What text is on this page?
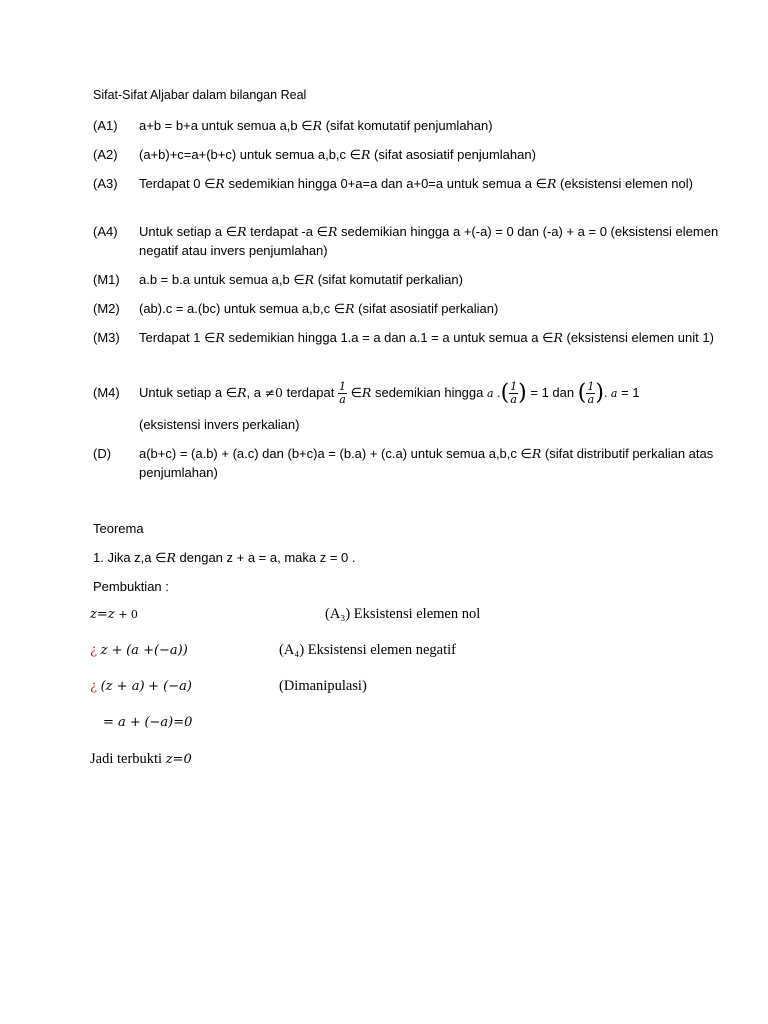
Sifat-Sifat Aljabar dalam bilangan Real
(A1)	a+b = b+a untuk semua a,b ∈R (sifat komutatif penjumlahan)
(A2)	(a+b)+c=a+(b+c) untuk semua a,b,c ∈R (sifat asosiatif penjumlahan)
(A3)	Terdapat 0 ∈R sedemikian hingga 0+a=a dan a+0=a untuk semua a ∈R (eksistensi elemen nol)
(A4)	Untuk setiap a ∈R terdapat -a ∈R sedemikian hingga a +(-a) = 0 dan (-a) + a = 0 (eksistensi elemen negatif atau invers penjumlahan)
(M1)	a.b = b.a untuk semua a,b ∈R (sifat komutatif perkalian)
(M2)	(ab).c = a.(bc) untuk semua a,b,c ∈R (sifat asosiatif perkalian)
(M3)	Terdapat 1 ∈R sedemikian hingga 1.a = a dan a.1 = a untuk semua a ∈R (eksistensi elemen unit 1)
(M4)	Untuk setiap a ∈R, a ≠0 terdapat $\frac{1}{a}$ ∈R sedemikian hingga a .( $\frac{1}{a}$ ) = 1 dan ( $\frac{1}{a}$ ). a = 1
(eksistensi invers perkalian)
(D)	a(b+c) = (a.b) + (a.c) dan (b+c)a = (b.a) + (c.a) untuk semua a,b,c ∈R (sifat distributif perkalian atas penjumlahan)
Teorema
1. Jika z,a ∈R dengan z + a = a, maka z = 0 .
Pembuktian :
z=z + 0	(A₃) Eksistensi elemen nol
¿ z + (a +(−a))	(A₄) Eksistensi elemen negatif
¿ (z + a) + (−a)	(Dimanipulasi)
= a + (−a)=0
Jadi terbukti z=0
